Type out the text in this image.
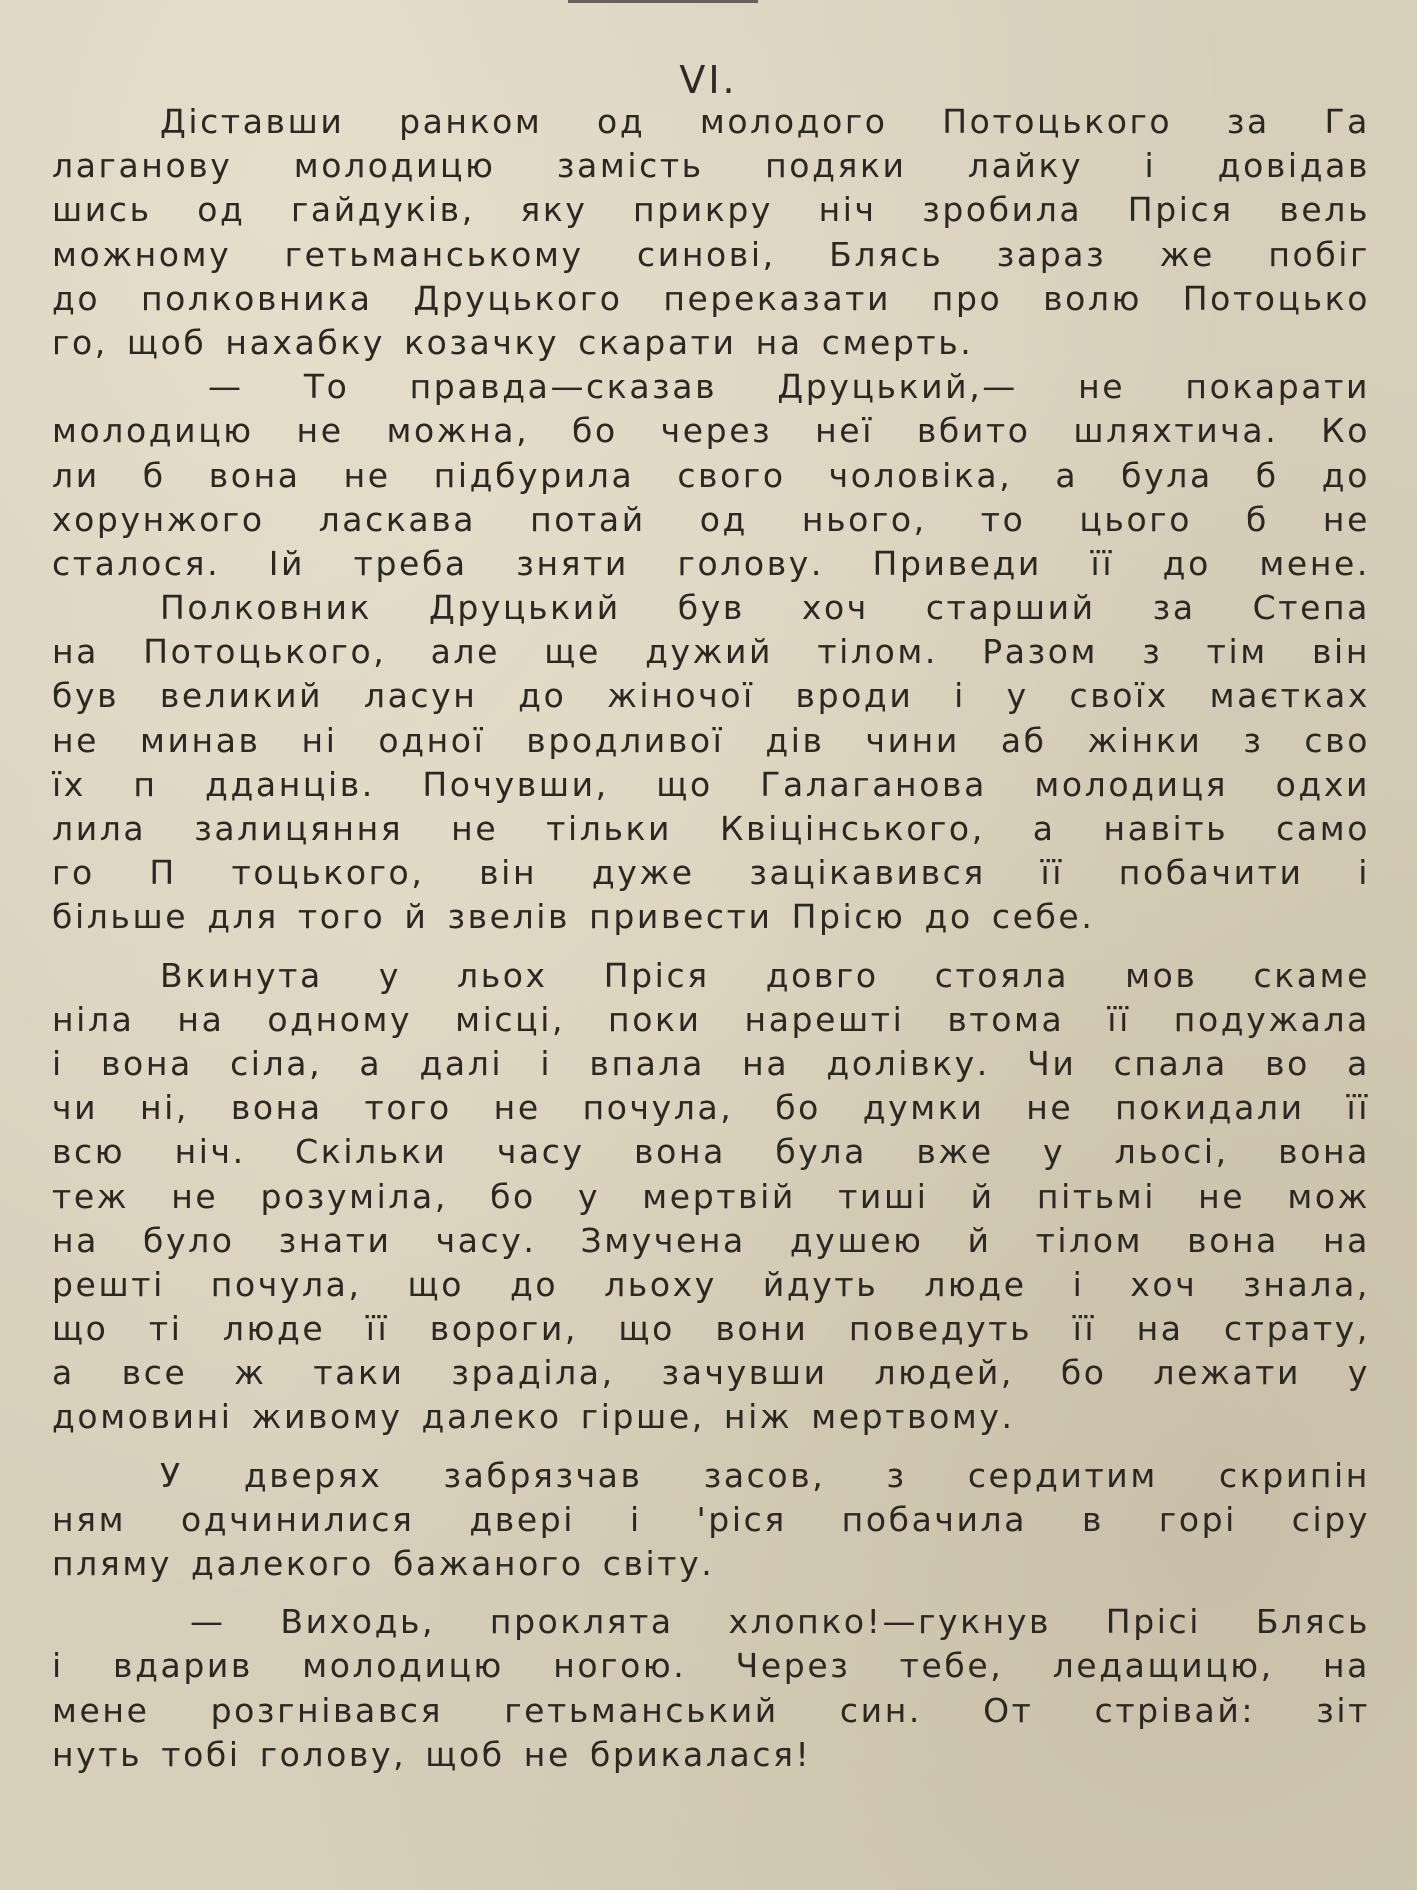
VI.
Діставши ранком од молодого Потоцького за Га
лаганову молодицю замість подяки лайку і довідав
шись од гайдуків, яку прикру ніч зробила Пріся вель
можному гетьманському синові, Блясь зараз же побіг
до полковника Друцького переказати про волю Потоцько
го, щоб нахабку козачку скарати на смерть.
— То правда—сказав Друцький,— не покарати
молодицю не можна, бо через неї вбито шляхтича. Ко
ли б вона не підбурила свого чоловіка, а була б до
хорунжого ласкава потай од нього, то цього б не
сталося. Ій треба зняти голову. Приведи її до мене.
Полковник Друцький був хоч старший за Степа
на Потоцького, але ще дужий тілом. Разом з тім він
був великий ласун до жіночої вроди і у своїх маєтках
не минав ні одної вродливої дів чини аб жінки з сво
їх п дданців. Почувши, що Галаганова молодиця одхи
лила залицяння не тільки Квіцінського, а навіть само
го П тоцького, він дуже зацікавився її побачити і
більше для того й звелів привести Прісю до себе.
Вкинута у льох Пріся довго стояла мов скаме
ніла на одному місці, поки нарешті втома її подужала
і вона сіла, а далі і впала на долівку. Чи спала во а
чи ні, вона того не почула, бо думки не покидали її
всю ніч. Скільки часу вона була вже у льосі, вона
теж не розуміла, бо у мертвій тиші й пітьмі не мож
на було знати часу. Змучена душею й тілом вона на
решті почула, що до льоху йдуть люде і хоч знала,
що ті люде її вороги, що вони поведуть її на страту,
а все ж таки зраділа, зачувши людей, бо лежати у
домовині живому далеко гірше, ніж мертвому.
У дверях забрязчав засов, з сердитим скрипін
ням одчинилися двері і 'ріся побачила в горі сіру
пляму далекого бажаного світу.
— Виходь, проклята хлопко!—гукнув Прісі Блясь
і вдарив молодицю ногою. Через тебе, ледащицю, на
мене розгнівався гетьманський син. От стрівай: зіт
нуть тобі голову, щоб не брикалася!
